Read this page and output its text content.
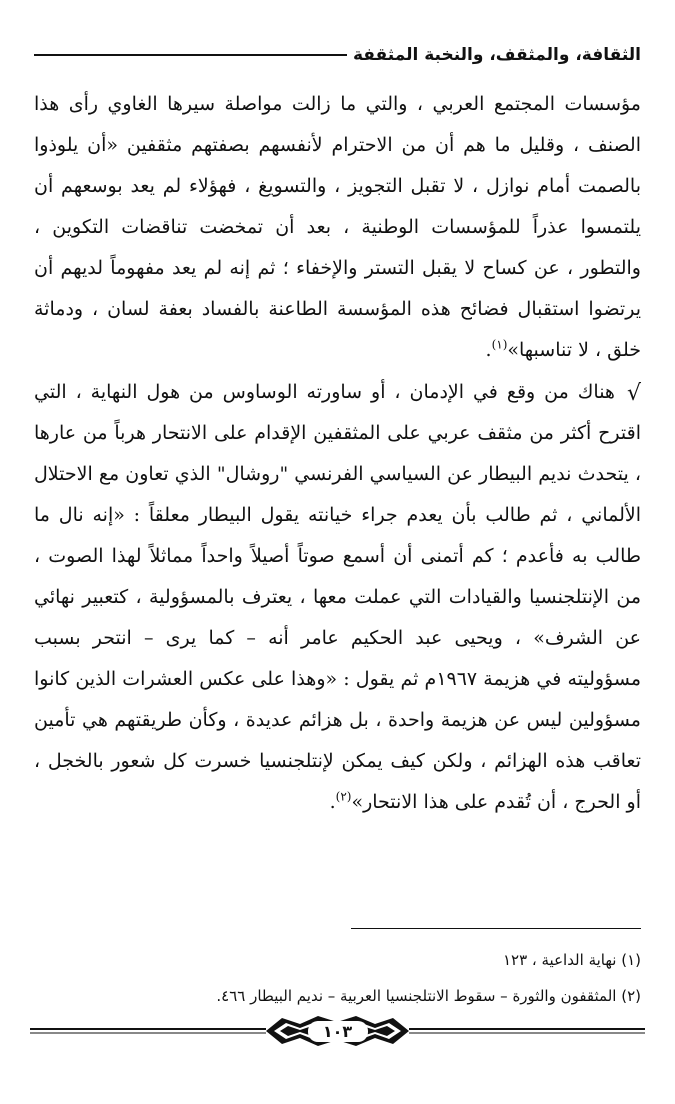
الثقافة، والمثقف، والنخبة المثقفة

مؤسسات المجتمع العربي ، والتي ما زالت مواصلة سيرها الغاوي رأى هذا الصنف ، وقليل ما هم أن من الاحترام لأنفسهم بصفتهم مثقفين «أن يلوذوا بالصمت أمام نوازل ، لا تقبل التجويز ، والتسويغ ، فهؤلاء لم يعد بوسعهم أن يلتمسوا عذراً للمؤسسات الوطنية ، بعد أن تمخضت تناقضات التكوين ، والتطور ، عن كساح لا يقبل التستر والإخفاء ؛ ثم إنه لم يعد مفهوماً لديهم أن يرتضوا استقبال فضائح هذه المؤسسة الطاعنة بالفساد بعفة لسان ، ودماثة خلق ، لا تناسبها»$^{(١)}$.

√هناك من وقع في الإدمان ، أو ساورته الوساوس من هول النهاية ، التي اقترح أكثر من مثقف عربي على المثقفين الإقدام على الانتحار هرباً من عارها ، يتحدث نديم البيطار عن السياسي الفرنسي "روشال" الذي تعاون مع الاحتلال الألماني ، ثم طالب بأن يعدم جراء خيانته يقول البيطار معلقاً : «إنه نال ما طالب به فأعدم ؛ كم أتمنى أن أسمع صوتاً أصيلاً واحداً مماثلاً لهذا الصوت ، من الإنتلجنسيا والقيادات التي عملت معها ، يعترف بالمسؤولية ، كتعبير نهائي عن الشرف» ، ويحيى عبد الحكيم عامر أنه – كما يرى – انتحر بسبب مسؤوليته في هزيمة ١٩٦٧م ثم يقول : «وهذا على عكس العشرات الذين كانوا مسؤولين ليس عن هزيمة واحدة ، بل هزائم عديدة ، وكأن طريقتهم هي تأمين تعاقب هذه الهزائم ، ولكن كيف يمكن لإنتلجنسيا خسرت كل شعور بالخجل ، أو الحرج ، أن تُقدم على هذا الانتحار»$^{(٢)}$.

(١) نهاية الداعية ، ١٢٣

(٢) المثقفون والثورة – سقوط الانتلجنسيا العربية – نديم البيطار ٤٦٦.

١٠٣
